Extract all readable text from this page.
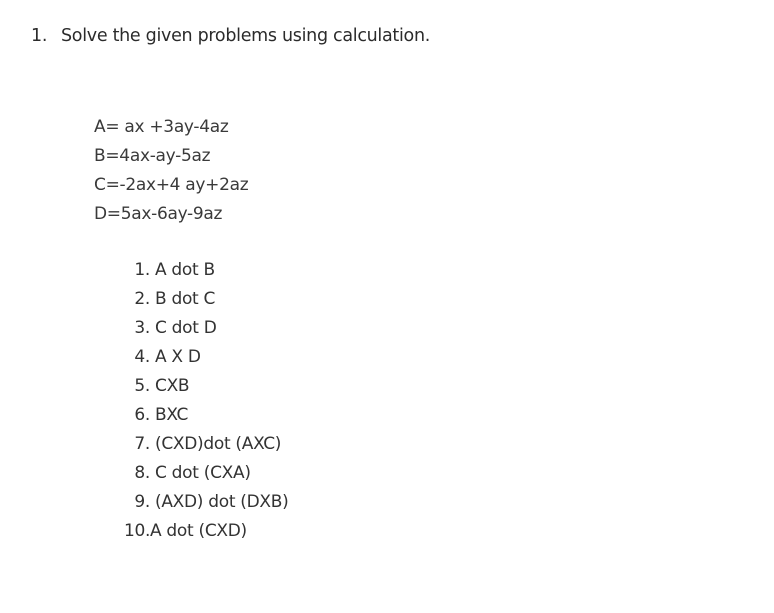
1. Solve the given problems using calculation.
A= ax +3ay-4az
B=4ax-ay-5az
C=-2ax+4 ay+2az
D=5ax-6ay-9az
1. A dot B
2. B dot C
3. C dot D
4. A X D
5. CXB
6. BXC
7. (CXD)dot (AXC)
8. C dot (CXA)
9. (AXD) dot (DXB)
10.A dot (CXD)
